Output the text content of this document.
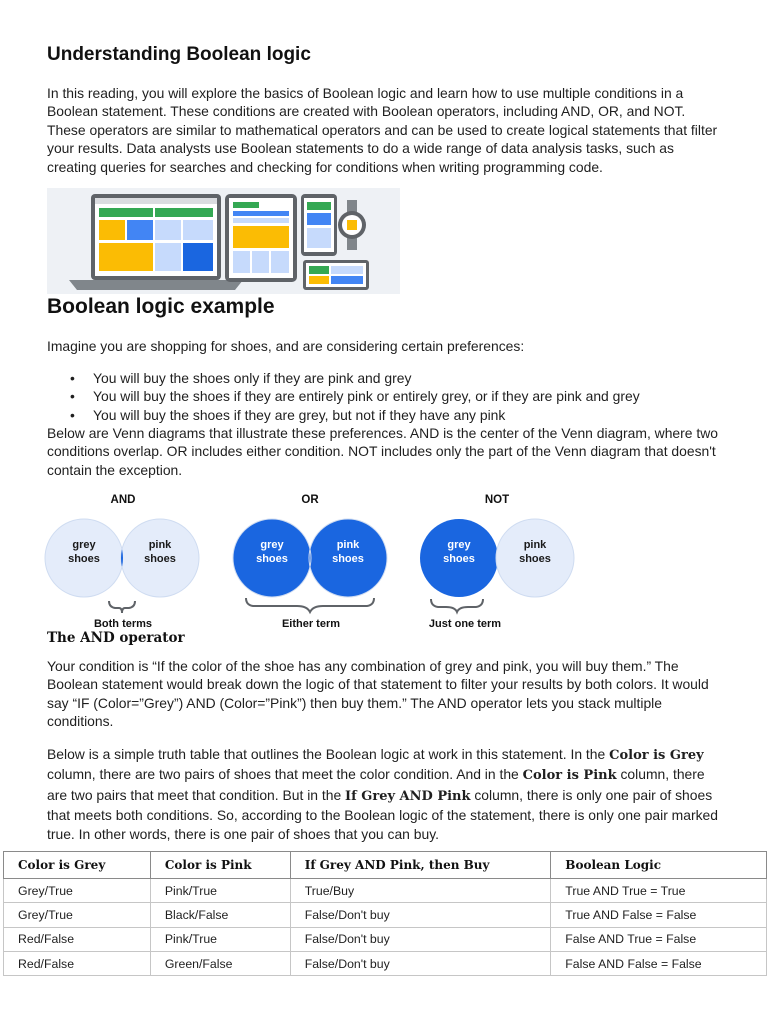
Understanding Boolean logic

In this reading, you will explore the basics of Boolean logic and learn how to use multiple conditions in a Boolean statement. These conditions are created with Boolean operators, including AND, OR, and NOT. These operators are similar to mathematical operators and can be used to create logical statements that filter your results. Data analysts use Boolean statements to do a wide range of data analysis tasks, such as creating queries for searches and checking for conditions when writing programming code.

Boolean logic example

Imagine you are shopping for shoes, and are considering certain preferences:

• You will buy the shoes only if they are pink and grey
• You will buy the shoes if they are entirely pink or entirely grey, or if they are pink and grey
• You will buy the shoes if they are grey, but not if they have any pink

Below are Venn diagrams that illustrate these preferences. AND is the center of the Venn diagram, where two conditions overlap. OR includes either condition. NOT includes only the part of the Venn diagram that doesn't contain the exception.

AND
grey
shoes
pink
shoes
Both terms
OR
grey
shoes
pink
shoes
Either term
NOT
grey
shoes
pink
shoes
Just one term
The AND operator

Your condition is “If the color of the shoe has any combination of grey and pink, you will buy them.” The Boolean statement would break down the logic of that statement to filter your results by both colors. It would say “IF (Color=”Grey”) AND (Color=”Pink”) then buy them.” The AND operator lets you stack multiple conditions.

Below is a simple truth table that outlines the Boolean logic at work in this statement. In the Color is Grey column, there are two pairs of shoes that meet the color condition. And in the Color is Pink column, there are two pairs that meet that condition. But in the If Grey AND Pink column, there is only one pair of shoes that meets both conditions. So, according to the Boolean logic of the statement, there is only one pair marked true. In other words, there is one pair of shoes that you can buy.

Color is Grey	Color is Pink	If Grey AND Pink, then Buy	Boolean Logic
Grey/True	Pink/True	True/Buy	True AND True = True
Grey/True	Black/False	False/Don't buy	True AND False = False
Red/False	Pink/True	False/Don't buy	False AND True = False
Red/False	Green/False	False/Don't buy	False AND False = False
